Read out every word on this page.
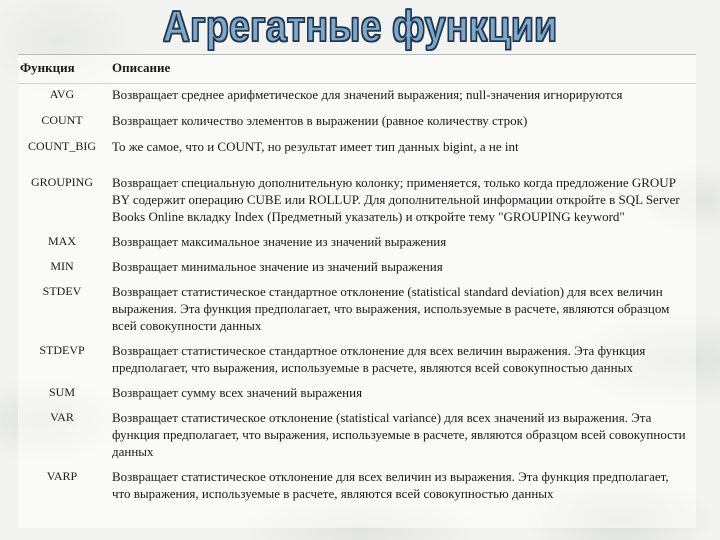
Агрегатные функции
Функция	Описание
AVG	Возвращает среднее арифметическое для значений выражения; null-значения игнорируются
COUNT	Возвращает количество элементов в выражении (равное количеству строк)
COUNT_BIG	То же самое, что и COUNT, но результат имеет тип данных bigint, а не int
GROUPING	Возвращает специальную дополнительную колонку; применяется, только когда предложение GROUP BY содержит операцию CUBE или ROLLUP. Для дополнительной информации откройте в SQL Server Books Online вкладку Index (Предметный указатель) и откройте тему "GROUPING keyword"
MAX	Возвращает максимальное значение из значений выражения
MIN	Возвращает минимальное значение из значений выражения
STDEV	Возвращает статистическое стандартное отклонение (statistical standard deviation) для всех величин выражения. Эта функция предполагает, что выражения, используемые в расчете, являются образцом всей совокупности данных
STDEVP	Возвращает статистическое стандартное отклонение для всех величин выражения. Эта функция предполагает, что выражения, используемые в расчете, являются всей совокупностью данных
SUM	Возвращает сумму всех значений выражения
VAR	Возвращает статистическое отклонение (statistical variance) для всех значений из выражения. Эта функция предполагает, что выражения, используемые в расчете, являются образцом всей совокупности данных
VARP	Возвращает статистическое отклонение для всех величин из выражения. Эта функция предполагает, что выражения, используемые в расчете, являются всей совокупностью данных
